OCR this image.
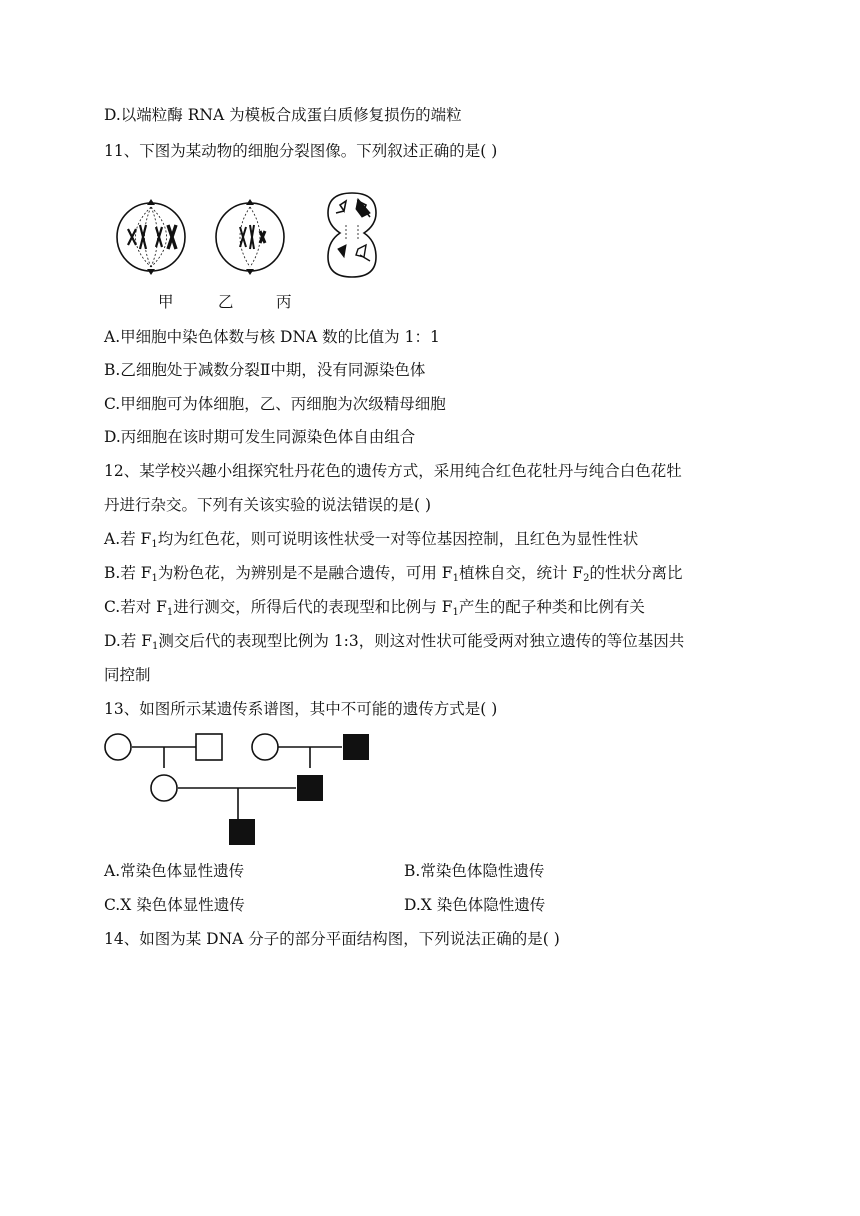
D.以端粒酶 RNA 为模板合成蛋白质修复损伤的端粒
11、下图为某动物的细胞分裂图像。下列叙述正确的是( )
甲	乙	丙
A.甲细胞中染色体数与核 DNA 数的比值为 1：1
B.乙细胞处于减数分裂Ⅱ中期，没有同源染色体
C.甲细胞可为体细胞，乙、丙细胞为次级精母细胞
D.丙细胞在该时期可发生同源染色体自由组合
12、某学校兴趣小组探究牡丹花色的遗传方式，采用纯合红色花牡丹与纯合白色花牡
丹进行杂交。下列有关该实验的说法错误的是( )
A.若 $F_1$均为红色花，则可说明该性状受一对等位基因控制，且红色为显性性状
B.若 $F_1$为粉色花，为辨别是不是融合遗传，可用 $F_1$植株自交，统计 $F_2$的性状分离比
C.若对 $F_1$进行测交，所得后代的表现型和比例与 $F_1$产生的配子种类和比例有关
D.若 $F_1$测交后代的表现型比例为 1:3，则这对性状可能受两对独立遗传的等位基因共
同控制
13、如图所示某遗传系谱图，其中不可能的遗传方式是( )
A.常染色体显性遗传	B.常染色体隐性遗传
C.X 染色体显性遗传	D.X 染色体隐性遗传
14、如图为某 DNA 分子的部分平面结构图，下列说法正确的是( )
